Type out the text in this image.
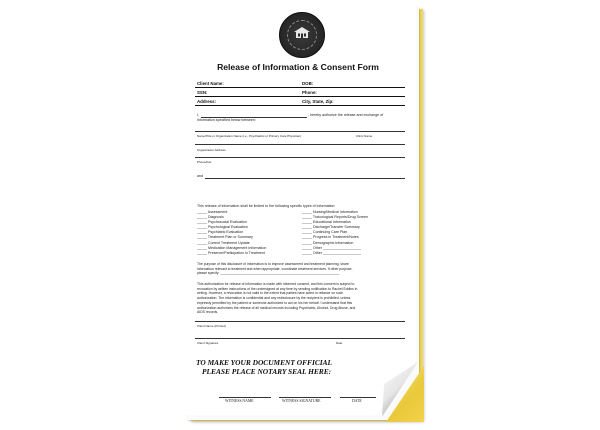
Release of Information & Consent Form
Client Name:	DOB:
SSN:	Phone:
Address:	City, State, Zip:
I,	, hereby authorize the release and exchange of
information specified below between:
Name/Title or Organization Name (i.e., Psychiatrist or Primary Care Physician)	Clinic Name
Organization Address
Phone/Fax
and
This release of information shall be limited to the following specific types of information:
_____ Assessment
_____ Diagnosis
_____ Psychosocial Evaluation
_____ Psychological Evaluation
_____ Psychiatric Evaluation
_____ Treatment Plan or Summary
_____ Current Treatment Update
_____ Medication Management Information
_____ Presence/Participation in Treatment
_____ Nursing/Medical Information
_____ Toxicological Reports/Drug Screen
_____ Educational Information
_____ Discharge/Transfer Summary
_____ Continuing Care Plan
_____ Progress in Treatment/Notes
_____ Demographic Information
_____ Other ___________________
_____ Other ___________________
The purpose of this disclosure of information is to improve assessment and treatment planning, share
information relevant to treatment and when appropriate, coordinate treatment services. If other purpose,
please specify: _______________________________________________________________
This authorization for release of information is made with informed consent, and this consent is subject to
revocation by written instructions of the undersigned at any time by sending notification to Rachel Eddins in
writing. However, a revocation is not valid to the extent that parties have acted in reliance on such
authorization. The information is confidential and any redisclosure by the recipient is prohibited, unless
expressly permitted by the patient or someone authorized to act on his her behalf. I understand that this
authorization authorizes the release of all medical records including Psychiatric, Alcohol, Drug Abuse, and
AIDS records.
Client Name (Printed)
Client Signature	Date
TO MAKE YOUR DOCUMENT OFFICIAL
PLEASE PLACE NOTARY SEAL HERE:
WITNESS NAME	WITNESS SIGNATURE	DATE
